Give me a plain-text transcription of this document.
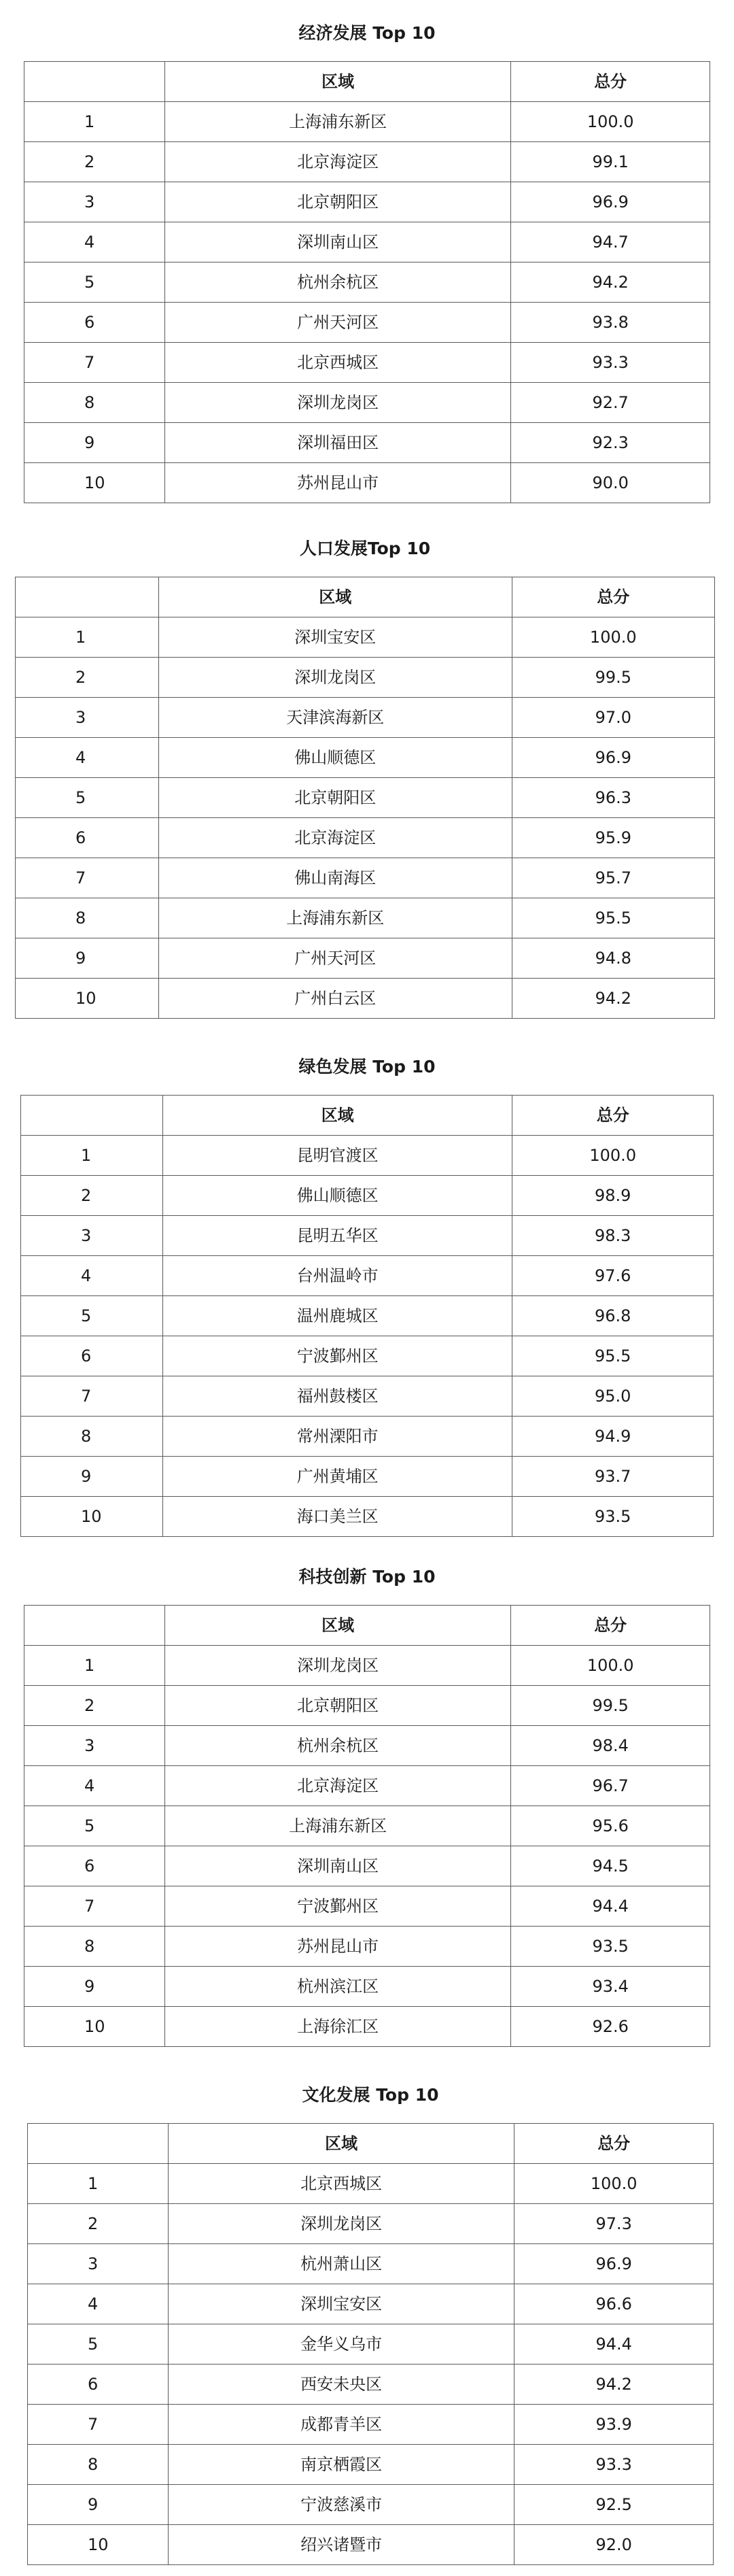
经济发展 Top 10
	区域	总分
1	上海浦东新区	100.0
2	北京海淀区	99.1
3	北京朝阳区	96.9
4	深圳南山区	94.7
5	杭州余杭区	94.2
6	广州天河区	93.8
7	北京西城区	93.3
8	深圳龙岗区	92.7
9	深圳福田区	92.3
10	苏州昆山市	90.0
人口发展Top 10
	区域	总分
1	深圳宝安区	100.0
2	深圳龙岗区	99.5
3	天津滨海新区	97.0
4	佛山顺德区	96.9
5	北京朝阳区	96.3
6	北京海淀区	95.9
7	佛山南海区	95.7
8	上海浦东新区	95.5
9	广州天河区	94.8
10	广州白云区	94.2
绿色发展 Top 10
	区域	总分
1	昆明官渡区	100.0
2	佛山顺德区	98.9
3	昆明五华区	98.3
4	台州温岭市	97.6
5	温州鹿城区	96.8
6	宁波鄞州区	95.5
7	福州鼓楼区	95.0
8	常州溧阳市	94.9
9	广州黄埔区	93.7
10	海口美兰区	93.5
科技创新 Top 10
	区域	总分
1	深圳龙岗区	100.0
2	北京朝阳区	99.5
3	杭州余杭区	98.4
4	北京海淀区	96.7
5	上海浦东新区	95.6
6	深圳南山区	94.5
7	宁波鄞州区	94.4
8	苏州昆山市	93.5
9	杭州滨江区	93.4
10	上海徐汇区	92.6
文化发展 Top 10
	区域	总分
1	北京西城区	100.0
2	深圳龙岗区	97.3
3	杭州萧山区	96.9
4	深圳宝安区	96.6
5	金华义乌市	94.4
6	西安未央区	94.2
7	成都青羊区	93.9
8	南京栖霞区	93.3
9	宁波慈溪市	92.5
10	绍兴诸暨市	92.0
